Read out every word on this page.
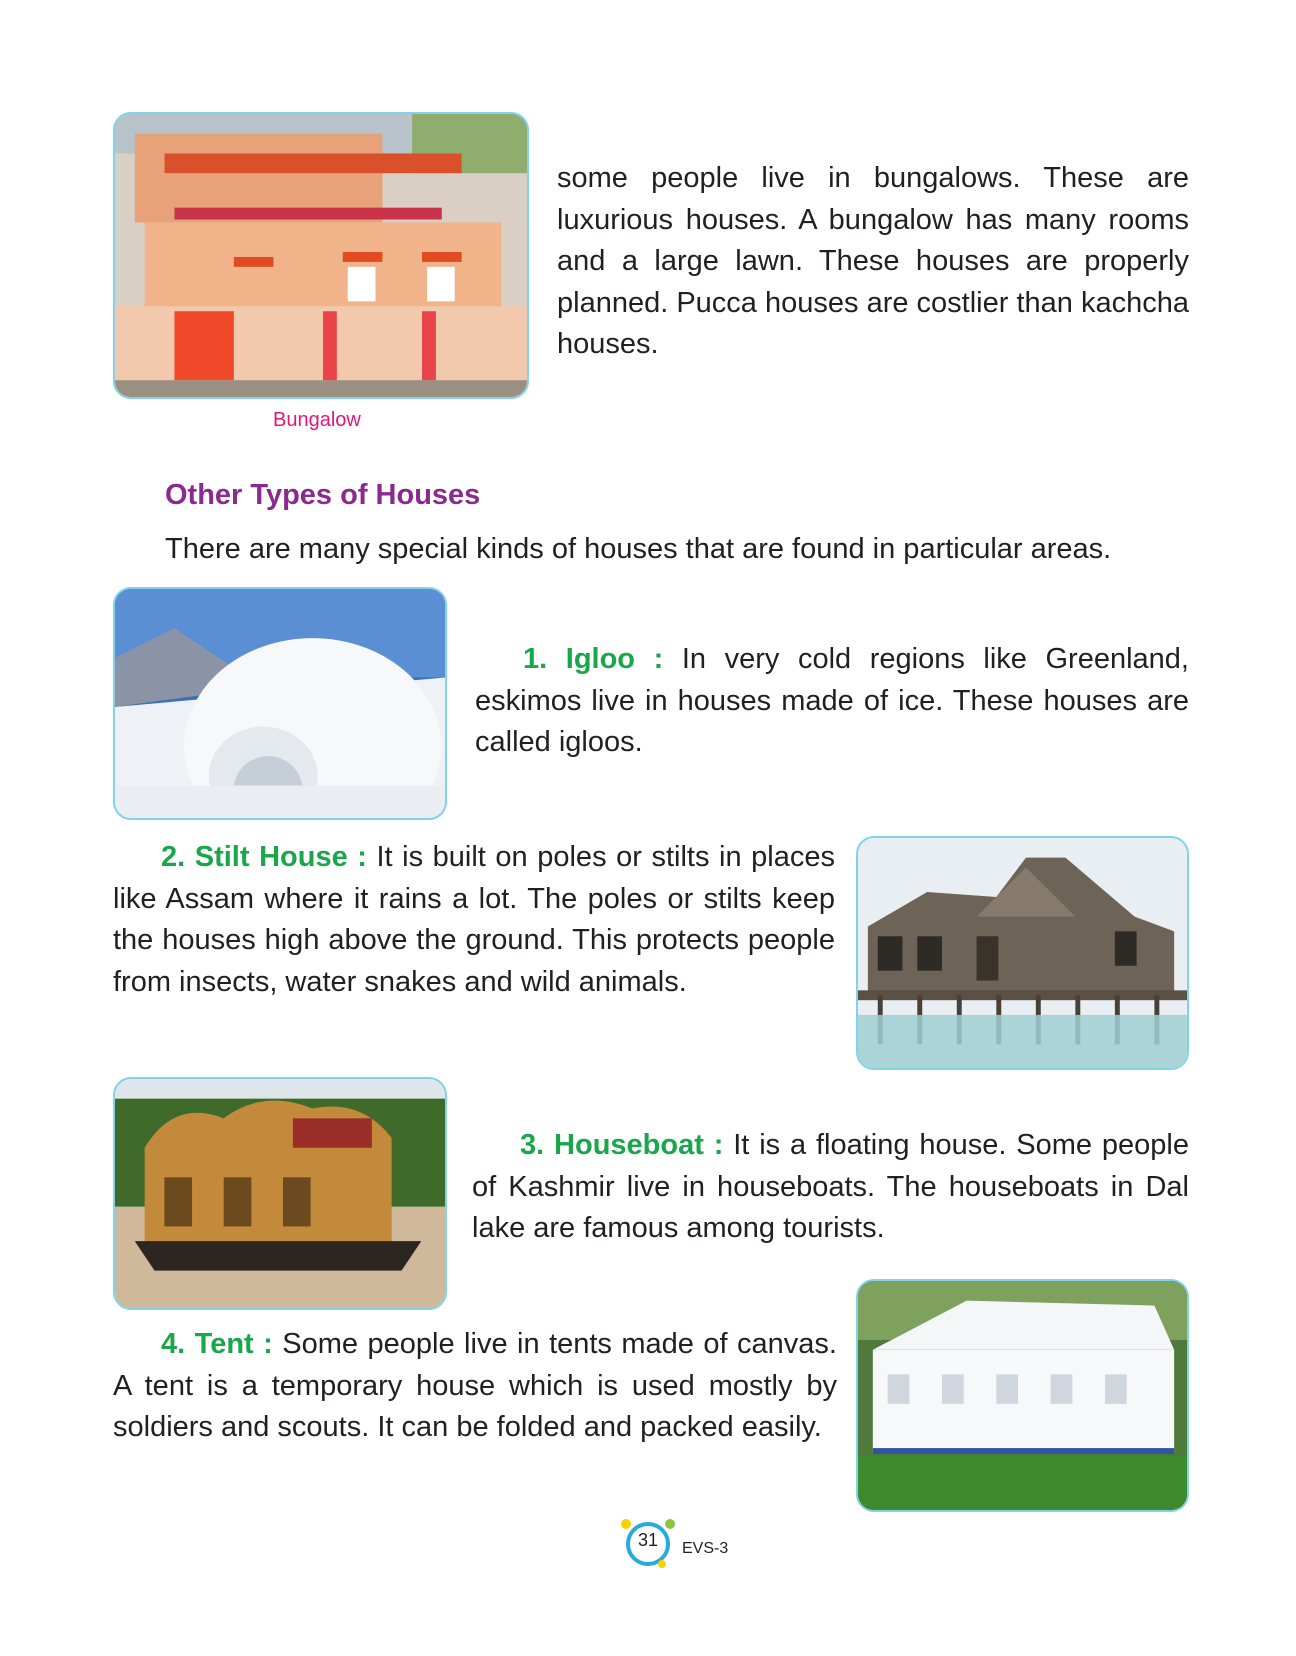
some people live in bungalows. These are luxurious houses. A bungalow has many rooms and a large lawn. These houses are properly planned. Pucca houses are costlier than kachcha houses.

Bungalow
Other Types of Houses

There are many special kinds of houses that are found in particular areas.

1. Igloo : In very cold regions like Greenland, eskimos live in houses made of ice. These houses are called igloos.

2. Stilt House : It is built on poles or stilts in places like Assam where it rains a lot. The poles or stilts keep the houses high above the ground. This protects people from insects, water snakes and wild animals.

3. Houseboat : It is a floating house. Some people of Kashmir live in houseboats. The houseboats in Dal lake are famous among tourists.

4. Tent : Some people live in tents made of canvas. A tent is a temporary house which is used mostly by soldiers and scouts. It can be folded and packed easily.

31 EVS-3
